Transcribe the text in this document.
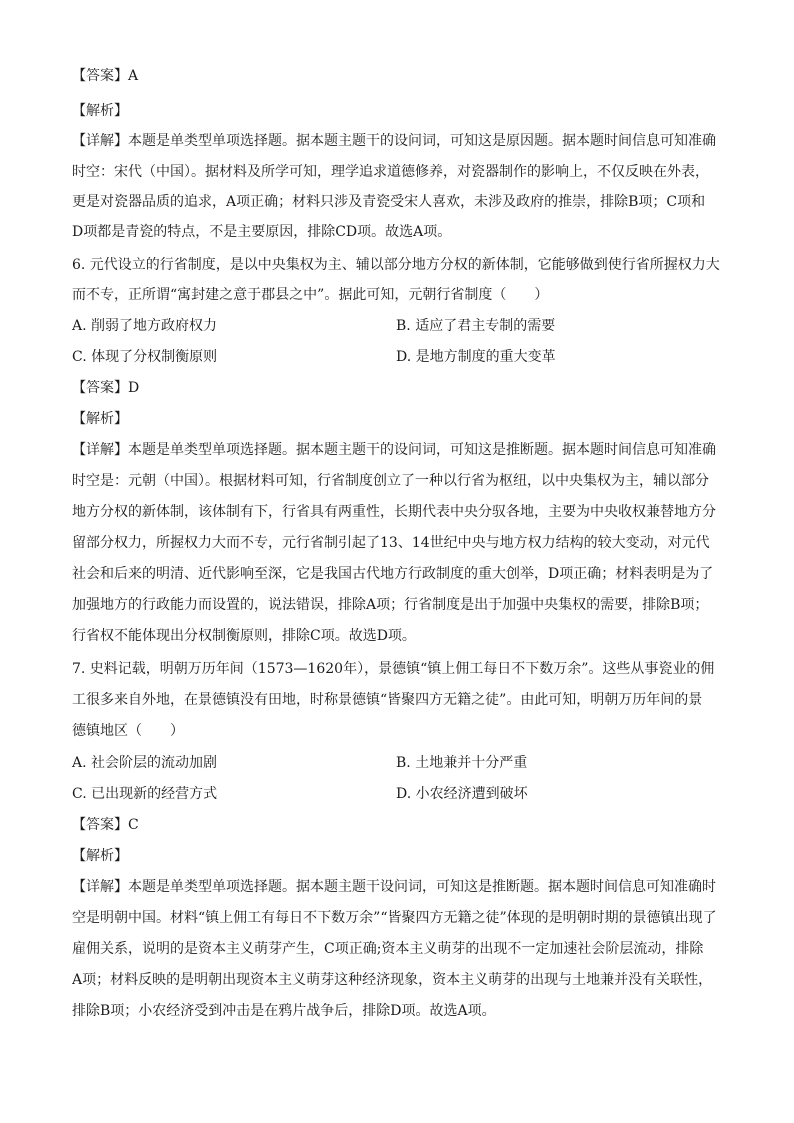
【答案】A
【解析】
【详解】本题是单类型单项选择题。据本题主题干的设问词，可知这是原因题。据本题时间信息可知准确
时空：宋代（中国）。据材料及所学可知，理学追求道德修养，对瓷器制作的影响上，不仅反映在外表，
更是对瓷器品质的追求，A项正确；材料只涉及青瓷受宋人喜欢，未涉及政府的推崇，排除B项；C项和
D项都是青瓷的特点，不是主要原因，排除CD项。故选A项。
6. 元代设立的行省制度，是以中央集权为主、辅以部分地方分权的新体制，它能够做到使行省所握权力大
而不专，正所谓“寓封建之意于郡县之中”。据此可知，元朝行省制度（　　）
A. 削弱了地方政府权力	B. 适应了君主专制的需要
C. 体现了分权制衡原则	D. 是地方制度的重大变革
【答案】D
【解析】
【详解】本题是单类型单项选择题。据本题主题干的设问词，可知这是推断题。据本题时间信息可知准确
时空是：元朝（中国）。根据材料可知，行省制度创立了一种以行省为枢纽，以中央集权为主，辅以部分
地方分权的新体制，该体制有下，行省具有两重性，长期代表中央分驭各地，主要为中央收权兼替地方分
留部分权力，所握权力大而不专，元行省制引起了13、14世纪中央与地方权力结构的较大变动，对元代
社会和后来的明清、近代影响至深，它是我国古代地方行政制度的重大创举，D项正确；材料表明是为了
加强地方的行政能力而设置的，说法错误，排除A项；行省制度是出于加强中央集权的需要，排除B项；
行省权不能体现出分权制衡原则，排除C项。故选D项。
7. 史料记载，明朝万历年间（1573—1620年），景德镇“镇上佣工每日不下数万余”。这些从事瓷业的佣
工很多来自外地，在景德镇没有田地，时称景德镇“皆聚四方无籍之徒”。由此可知，明朝万历年间的景
德镇地区（　　）
A. 社会阶层的流动加剧	B. 土地兼并十分严重
C. 已出现新的经营方式	D. 小农经济遭到破坏
【答案】C
【解析】
【详解】本题是单类型单项选择题。据本题主题干设问词，可知这是推断题。据本题时间信息可知准确时
空是明朝中国。材料“镇上佣工有每日不下数万余”“皆聚四方无籍之徒”体现的是明朝时期的景德镇出现了
雇佣关系，说明的是资本主义萌芽产生，C项正确;资本主义萌芽的出现不一定加速社会阶层流动，排除
A项；材料反映的是明朝出现资本主义萌芽这种经济现象，资本主义萌芽的出现与土地兼并没有关联性，
排除B项；小农经济受到冲击是在鸦片战争后，排除D项。故选A项。
